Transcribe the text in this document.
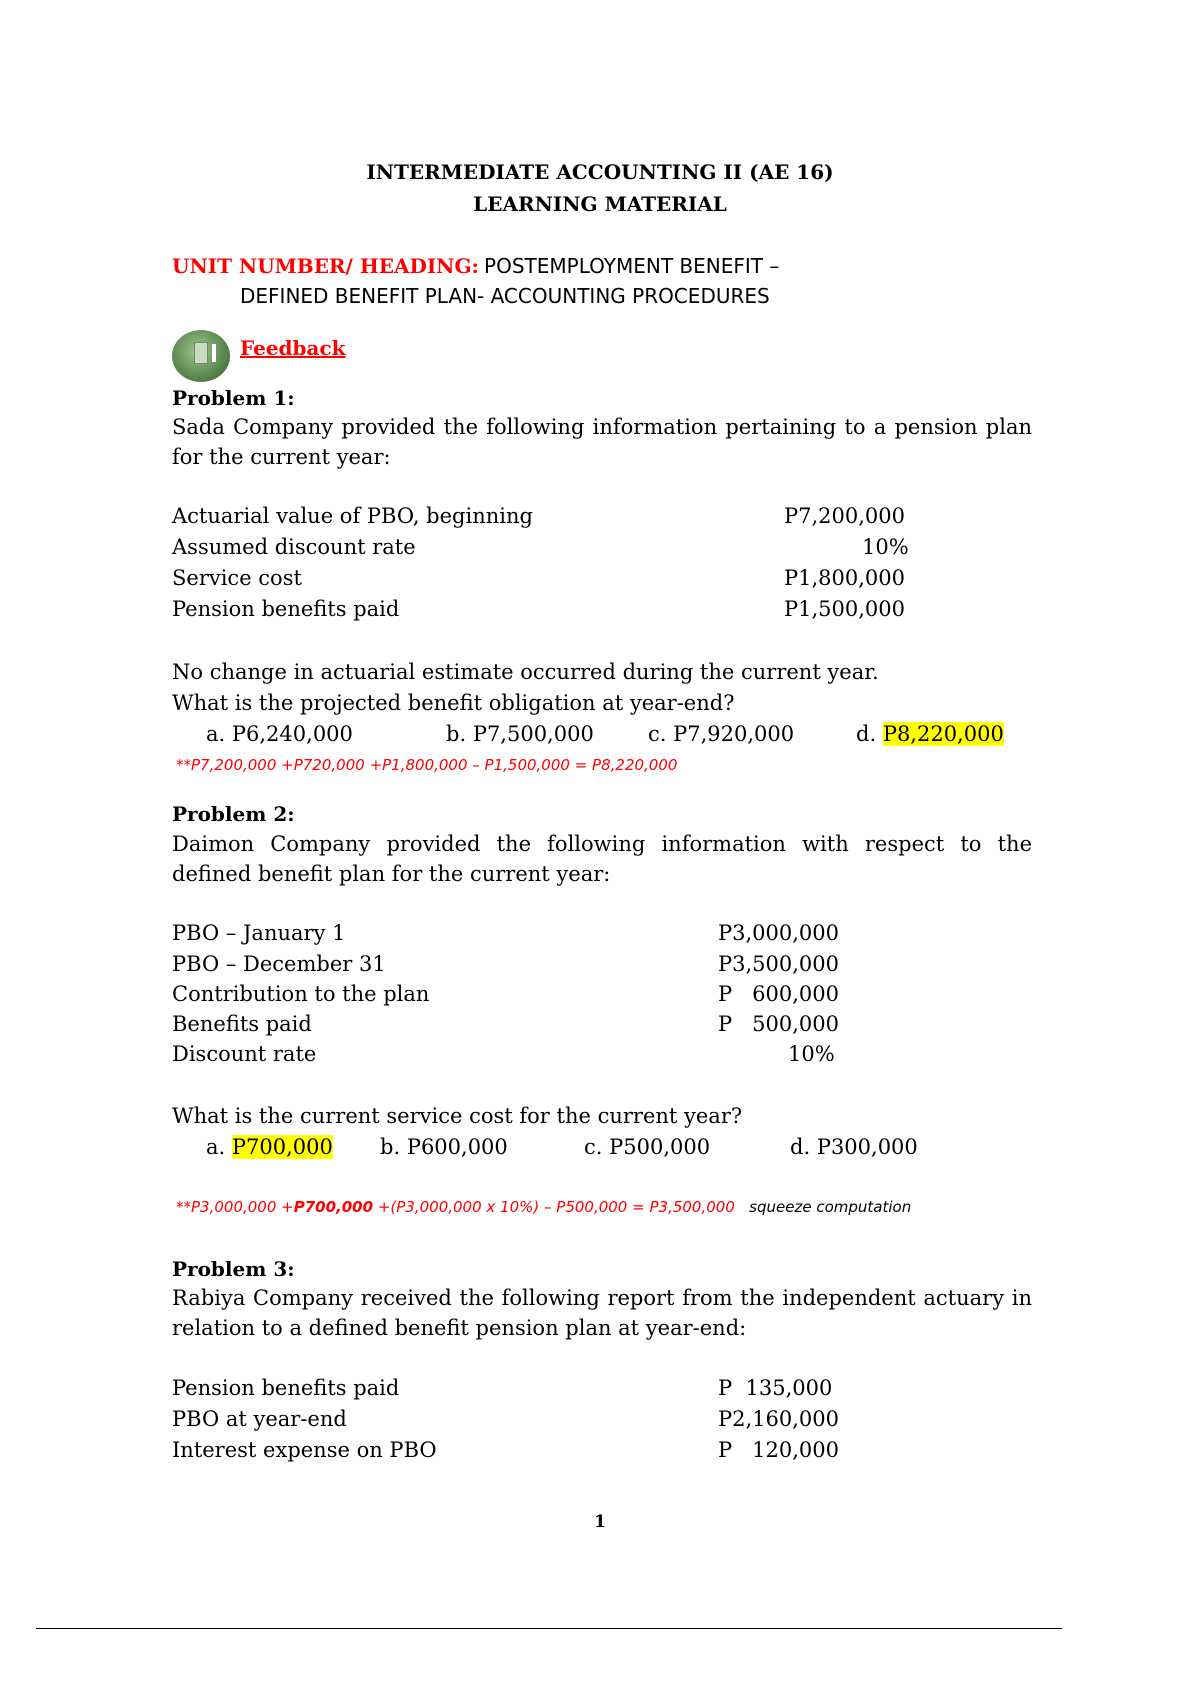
INTERMEDIATE ACCOUNTING II (AE 16)
LEARNING MATERIAL
UNIT NUMBER/ HEADING: POSTEMPLOYMENT BENEFIT –
DEFINED BENEFIT PLAN- ACCOUNTING PROCEDURES
Feedback
Problem 1:
Sada Company provided the following information pertaining to a pension plan for the current year:
Actuarial value of PBO, beginning	P7,200,000
Assumed discount rate	10%
Service cost	P1,800,000
Pension benefits paid	P1,500,000
No change in actuarial estimate occurred during the current year.
What is the projected benefit obligation at year-end?
a. P6,240,000	b. P7,500,000	c. P7,920,000	d. P8,220,000
**P7,200,000 +P720,000 +P1,800,000 – P1,500,000 = P8,220,000
Problem 2:
Daimon Company provided the following information with respect to the defined benefit plan for the current year:
PBO – January 1	P3,000,000
PBO – December 31	P3,500,000
Contribution to the plan	P   600,000
Benefits paid	P   500,000
Discount rate	10%
What is the current service cost for the current year?
a. P700,000 b. P600,000	c. P500,000	d. P300,000
**P3,000,000 +P700,000 +(P3,000,000 x 10%) – P500,000 = P3,500,000 squeeze computation
Problem 3:
Rabiya Company received the following report from the independent actuary in relation to a defined benefit pension plan at year-end:
Pension benefits paid	P  135,000
PBO at year-end	P2,160,000
Interest expense on PBO	P   120,000
1
